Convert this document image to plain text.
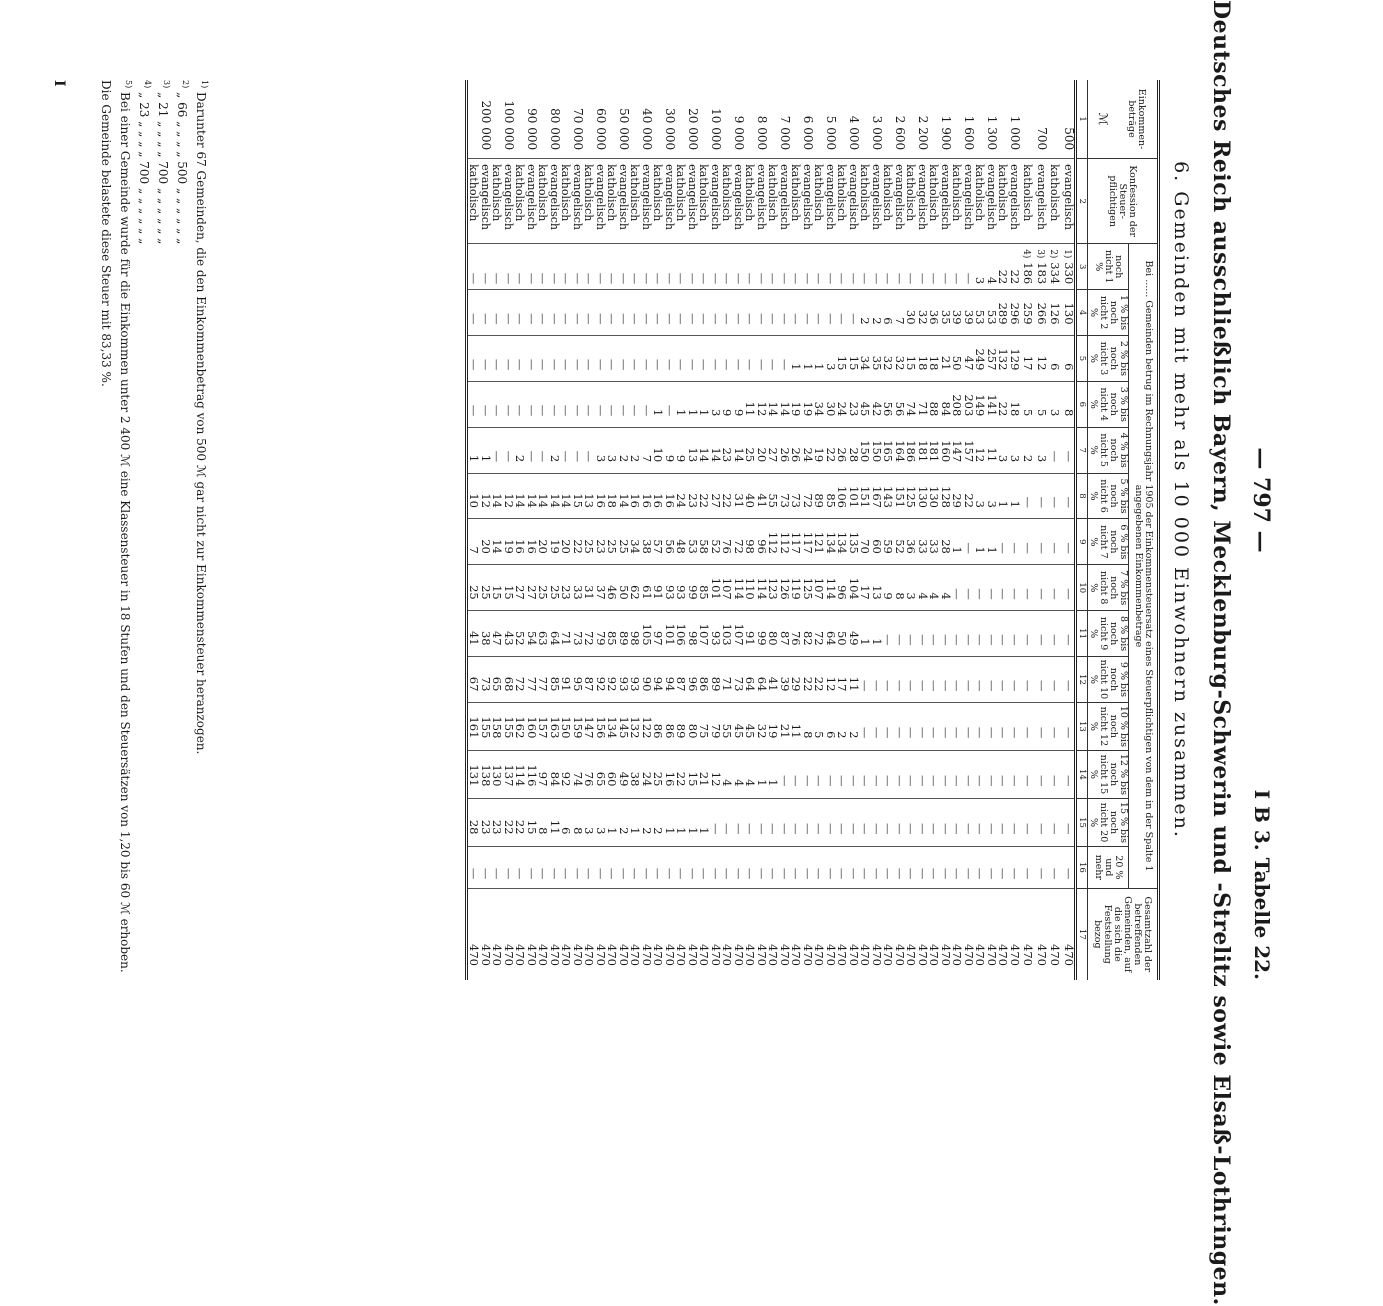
— 797 —
I B 3. Tabelle 22.
Deutsches Reich ausschließlich Bayern, Mecklenburg-Schwerin und -Strelitz sowie Elsaß-Lothringen.
6. Gemeinden mit mehr als 10 000 Einwohnern zusammen.
Einkommen-beträge
ℳ	Konfession der Steuer-pflichtigen	Bei ...... Gemeinden betrug im Rechnungsjahr 1905 der Einkommensteuersatz eines Steuerpflichtigen von dem in der Spalte 1 angegebenen Einkommenbetrage														Gesamtzahl der betreffenden Gemeinden, auf die sich die Feststellung bezog
		noch nicht 1 %	1 % bis noch nicht 2 %	2 % bis noch nicht 3 %	3 % bis noch nicht 4 %	4 % bis noch nicht 5 %	5 % bis noch nicht 6 %	6 % bis noch nicht 7 %	7 % bis noch nicht 8 %	8 % bis noch nicht 9 %	9 % bis noch nicht 10 %	10 % bis noch nicht 12 %	12 % bis noch nicht 15 %	15 % bis noch nicht 20 %	20 % und mehr	
1	2	3	4	5	6	7	8	9	10	11	12	13	14	15	16	17
500	evangelisch	1)330	130	6	8	—	—	—	—	—	—	—	—	—	—	470
	katholisch	2)334	126	6	3	—	—	—	—	—	—	—	—	—	—	470
700	evangelisch	3)183	266	12	5	3	—	—	—	—	—	—	—	—	—	470
	katholisch	4)186	259	17	5	2	—	—	—	—	—	—	—	—	—	470
1 000	evangelisch	22	296	129	18	3	1	—	—	—	—	—	—	—	—	470
	katholisch	22	289	132	22	3	1	—	—	—	—	—	—	—	—	470
1 300	evangelisch	4	53	257	141	11	3	1	—	—	—	—	—	—	—	470
	katholisch	3	53	249	149	12	3	1	—	—	—	—	—	—	—	470
1 600	evangelisch	—	39	47	203	157	22	—	—	—	—	—	—	—	—	470
	katholisch	—	39	50	208	147	29	1	—	—	—	—	—	—	—	470
1 900	evangelisch	—	35	21	84	160	128	28	4	—	—	—	—	—	—	470
	katholisch	—	36	18	88	181	130	33	4	—	—	—	—	—	—	470
2 200	evangelisch	—	32	18	71	181	130	33	4	—	—	—	—	—	—	470
	katholisch	—	30	15	74	186	125	36	3	—	—	—	—	—	—	470
2 600	evangelisch	—	7	32	56	164	151	52	8	—	—	—	—	—	—	470
	katholisch	—	6	32	56	165	143	59	9	—	—	—	—	—	—	470
3 000	evangelisch	—	2	35	42	150	167	60	13	1	—	—	—	—	—	470
	katholisch	—	2	34	45	150	151	70	17	1	—	—	—	—	—	470
4 000	evangelisch	—	—	15	23	28	101	135	104	49	11	2	—	—	—	470
	katholisch	—	—	15	24	26	106	134	96	50	17	2	—	—	—	470
5 000	evangelisch	—	—	3	30	22	85	134	114	64	12	6	—	—	—	470
	katholisch	—	—	1	34	19	89	121	107	72	22	5	—	—	—	470
6 000	evangelisch	—	—	1	19	24	72	117	125	82	22	8	—	—	—	470
	katholisch	—	—	1	19	26	73	117	119	76	29	11	—	—	—	470
7 000	evangelisch	—	—	—	14	26	73	112	126	87	39	21	—	—	—	470
	katholisch	—	—	—	14	27	55	112	123	80	41	19	1	—	—	470
8 000	evangelisch	—	—	—	12	20	41	96	114	99	64	32	1	—	—	470
	katholisch	—	—	—	11	25	40	98	110	91	64	45	4	—	—	470
9 000	evangelisch	—	—	—	9	14	31	72	114	107	73	45	4	—	—	470
	katholisch	—	—	—	9	23	22	76	107	103	71	55	4	—	—	470
10 000	evangelisch	—	—	—	3	14	27	52	101	93	89	79	12	—	—	470
	katholisch	—	—	—	1	14	22	58	85	107	86	75	21	1	—	470
20 000	evangelisch	—	—	—	1	13	23	53	99	98	96	80	15	1	—	470
	katholisch	—	—	—	1	9	24	48	93	106	87	89	22	1	—	470
30 000	evangelisch	—	—	—	—	9	16	56	93	101	94	86	16	1	—	470
	katholisch	—	—	—	1	10	16	57	91	97	94	86	25	2	—	470
40 000	evangelisch	—	—	—	—	7	16	38	61	105	90	122	24	2	—	470
	katholisch	—	—	—	—	2	16	34	62	98	93	132	38	1	—	470
50 000	evangelisch	—	—	—	—	2	14	25	50	89	93	145	49	2	—	470
	katholisch	—	—	—	—	3	18	25	46	85	92	134	60	1	—	470
60 000	evangelisch	—	—	—	—	3	16	23	37	79	92	156	65	3	—	470
	katholisch	—	—	—	—	—	13	25	31	72	87	147	76	3	—	470
70 000	evangelisch	—	—	—	—	—	15	22	33	73	95	159	74	8	—	470
	katholisch	—	—	—	—	—	14	20	23	71	91	150	92	6	—	470
80 000	evangelisch	—	—	—	—	2	14	19	25	64	85	163	84	11	—	470
	katholisch	—	—	—	—	—	14	20	25	63	77	157	97	8	—	470
90 000	evangelisch	—	—	—	—	—	14	16	27	54	77	160	116	15	—	470
	katholisch	—	—	—	—	2	14	16	27	52	72	162	114	22	—	470
100 000	evangelisch	—	—	—	—	—	12	19	15	43	68	155	137	22	—	470
	katholisch	—	—	—	—	—	14	14	15	47	65	158	130	23	—	470
200 000	evangelisch	—	—	—	—	1	12	20	25	38	73	155	138	23	—	470
	katholisch	—	—	—	—	1	10	7	25	41	67	161	131	28	—	470
$^{1)}$ Darunter 67 Gemeinden, die den Einkommenbetrag von 500 ℳ gar nicht zur Einkommensteuer heranzogen.
$^{2)}$ „ 66 „ „ „ „ 500 „ „ „ „ „ „
$^{3)}$ „ 21 „ „ „ „ 700 „ „ „ „ „ „
$^{4)}$ „ 23 „ „ „ „ 700 „ „ „ „ „ „
$^{5)}$ Bei einer Gemeinde wurde für die Einkommen unter 2 400 ℳ eine Klassensteuer in 18 Stufen und den Steuersätzen von 1,20 bis 60 ℳ erhoben.
Die Gemeinde belastete diese Steuer mit 83,33 %.
I
